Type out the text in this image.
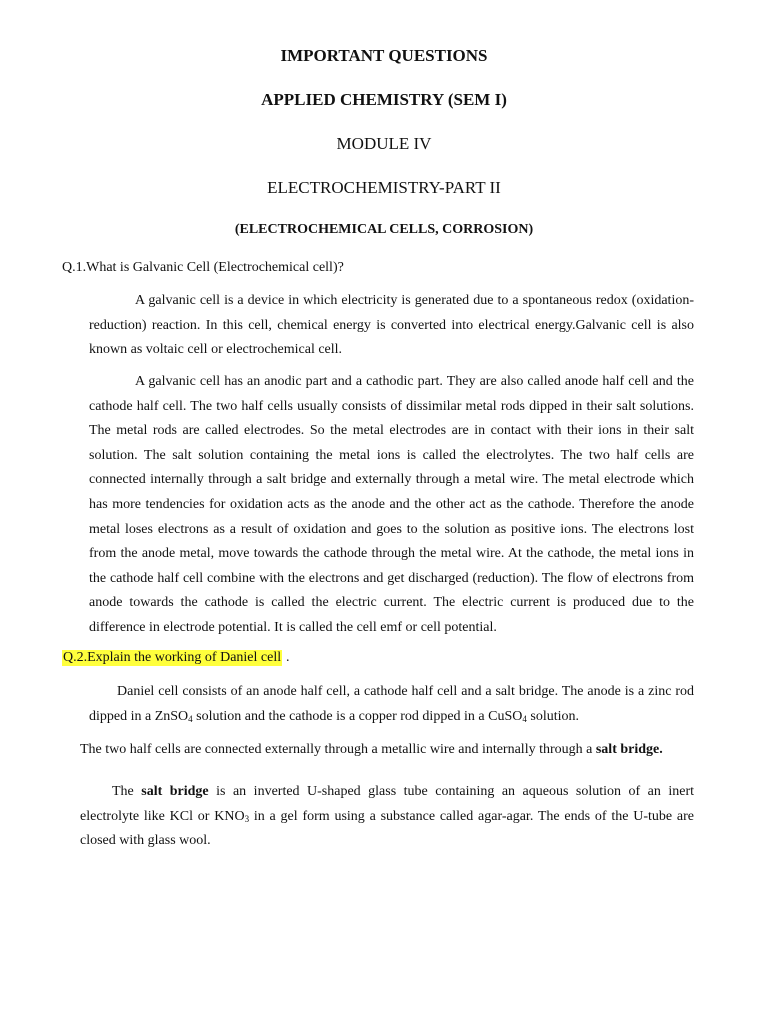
IMPORTANT QUESTIONS
APPLIED CHEMISTRY (SEM I)
MODULE IV
ELECTROCHEMISTRY-PART II
(ELECTROCHEMICAL CELLS, CORROSION)
Q.1.What is Galvanic Cell (Electrochemical cell)?
A galvanic cell is a device in which electricity is generated due to a spontaneous redox (oxidation-reduction) reaction. In this cell, chemical energy is converted into electrical energy.Galvanic cell is also known as voltaic cell or electrochemical cell.
A galvanic cell has an anodic part and a cathodic part. They are also called anode half cell and the cathode half cell. The two half cells usually consists of dissimilar metal rods dipped in their salt solutions. The metal rods are called electrodes. So the metal electrodes are in contact with their ions in their salt solution. The salt solution containing the metal ions is called the electrolytes. The two half cells are connected internally through a salt bridge and externally through a metal wire. The metal electrode which has more tendencies for oxidation acts as the anode and the other act as the cathode. Therefore the anode metal loses electrons as a result of oxidation and goes to the solution as positive ions. The electrons lost from the anode metal, move towards the cathode through the metal wire. At the cathode, the metal ions in the cathode half cell combine with the electrons and get discharged (reduction). The flow of electrons from anode towards the cathode is called the electric current. The electric current is produced due to the difference in electrode potential. It is called the cell emf or cell potential.
Q.2.Explain the working of Daniel cell .
Daniel cell consists of an anode half cell, a cathode half cell and a salt bridge. The anode is a zinc rod dipped in a ZnSO$_4$ solution and the cathode is a copper rod dipped in a CuSO$_4$ solution.
The two half cells are connected externally through a metallic wire and internally through a salt bridge.
The salt bridge is an inverted U-shaped glass tube containing an aqueous solution of an inert electrolyte like KCl or $KNO_3$ in a gel form using a substance called agar-agar. The ends of the U-tube are closed with glass wool.
